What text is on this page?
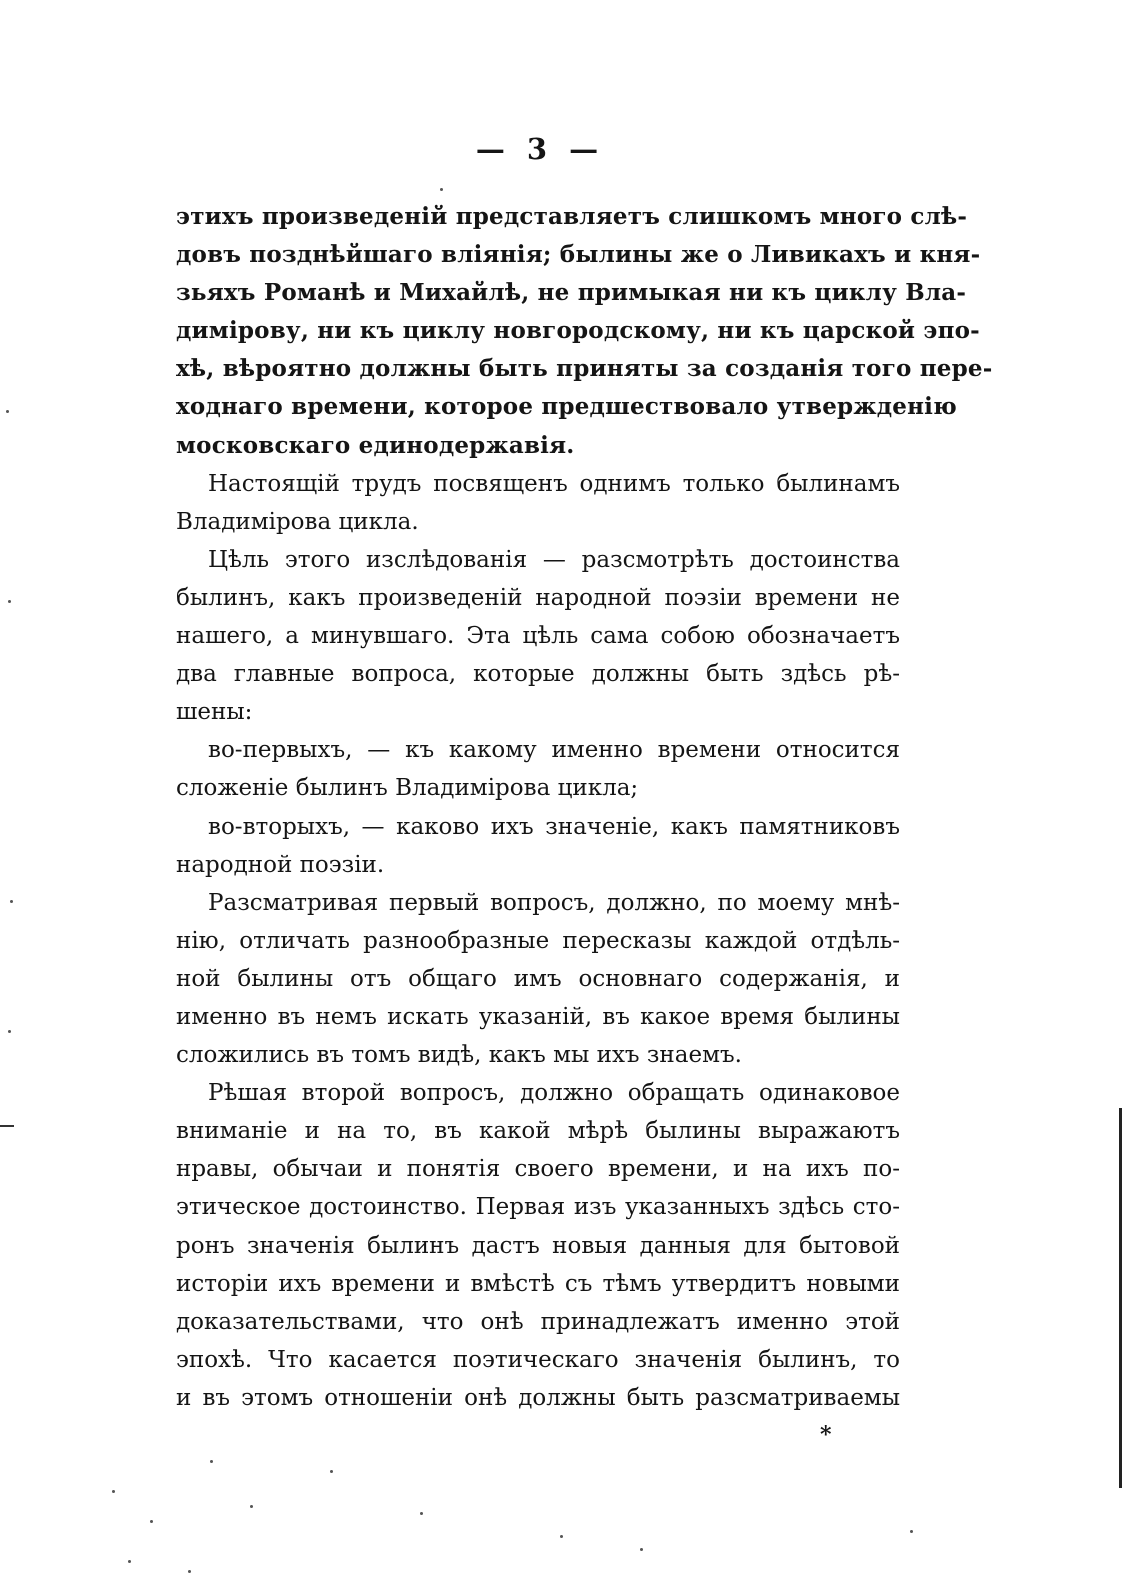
— 3 —
этихъ произведеній представляетъ слишкомъ много слѣ-
довъ позднѣйшаго вліянія; былины же о Ливикахъ и кня-
зьяхъ Романѣ и Михайлѣ, не примыкая ни къ циклу Вла-
димірову, ни къ циклу новгородскому, ни къ царской эпо-
хѣ, вѣроятно должны быть приняты за созданія того пере-
ходнаго времени, которое предшествовало утвержденію
московскаго единодержавія.
Настоящій трудъ посвященъ однимъ только былинамъ
Владимірова цикла.
Цѣль этого изслѣдованія — разсмотрѣть достоинства
былинъ, какъ произведеній народной поэзіи времени не
нашего, а минувшаго. Эта цѣль сама собою обозначаетъ
два главные вопроса, которые должны быть здѣсь рѣ-
шены:
во-первыхъ, — къ какому именно времени относится
сложеніе былинъ Владимірова цикла;
во-вторыхъ, — каково ихъ значеніе, какъ памятниковъ
народной поэзіи.
Разсматривая первый вопросъ, должно, по моему мнѣ-
нію, отличать разнообразные пересказы каждой отдѣль-
ной былины отъ общаго имъ основнаго содержанія, и
именно въ немъ искать указаній, въ какое время былины
сложились въ томъ видѣ, какъ мы ихъ знаемъ.
Рѣшая второй вопросъ, должно обращать одинаковое
вниманіе и на то, въ какой мѣрѣ былины выражаютъ
нравы, обычаи и понятія своего времени, и на ихъ по-
этическое достоинство. Первая изъ указанныхъ здѣсь сто-
ронъ значенія былинъ дастъ новыя данныя для бытовой
исторіи ихъ времени и вмѣстѣ съ тѣмъ утвердитъ новыми
доказательствами, что онѣ принадлежатъ именно этой
эпохѣ. Что касается поэтическаго значенія былинъ, то
и въ этомъ отношеніи онѣ должны быть разсматриваемы
*
